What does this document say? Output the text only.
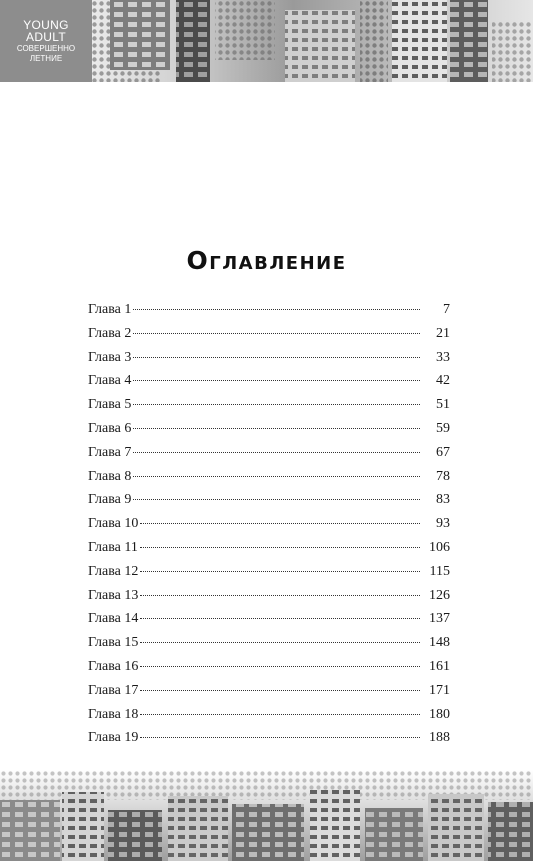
YOUNG
ADULT
СОВЕРШЕННО
ЛЕТНИЕ
Оглавление
Глава 1	7
Глава 2	21
Глава 3	33
Глава 4	42
Глава 5	51
Глава 6	59
Глава 7	67
Глава 8	78
Глава 9	83
Глава 10	93
Глава 11	106
Глава 12	115
Глава 13	126
Глава 14	137
Глава 15	148
Глава 16	161
Глава 17	171
Глава 18	180
Глава 19	188
